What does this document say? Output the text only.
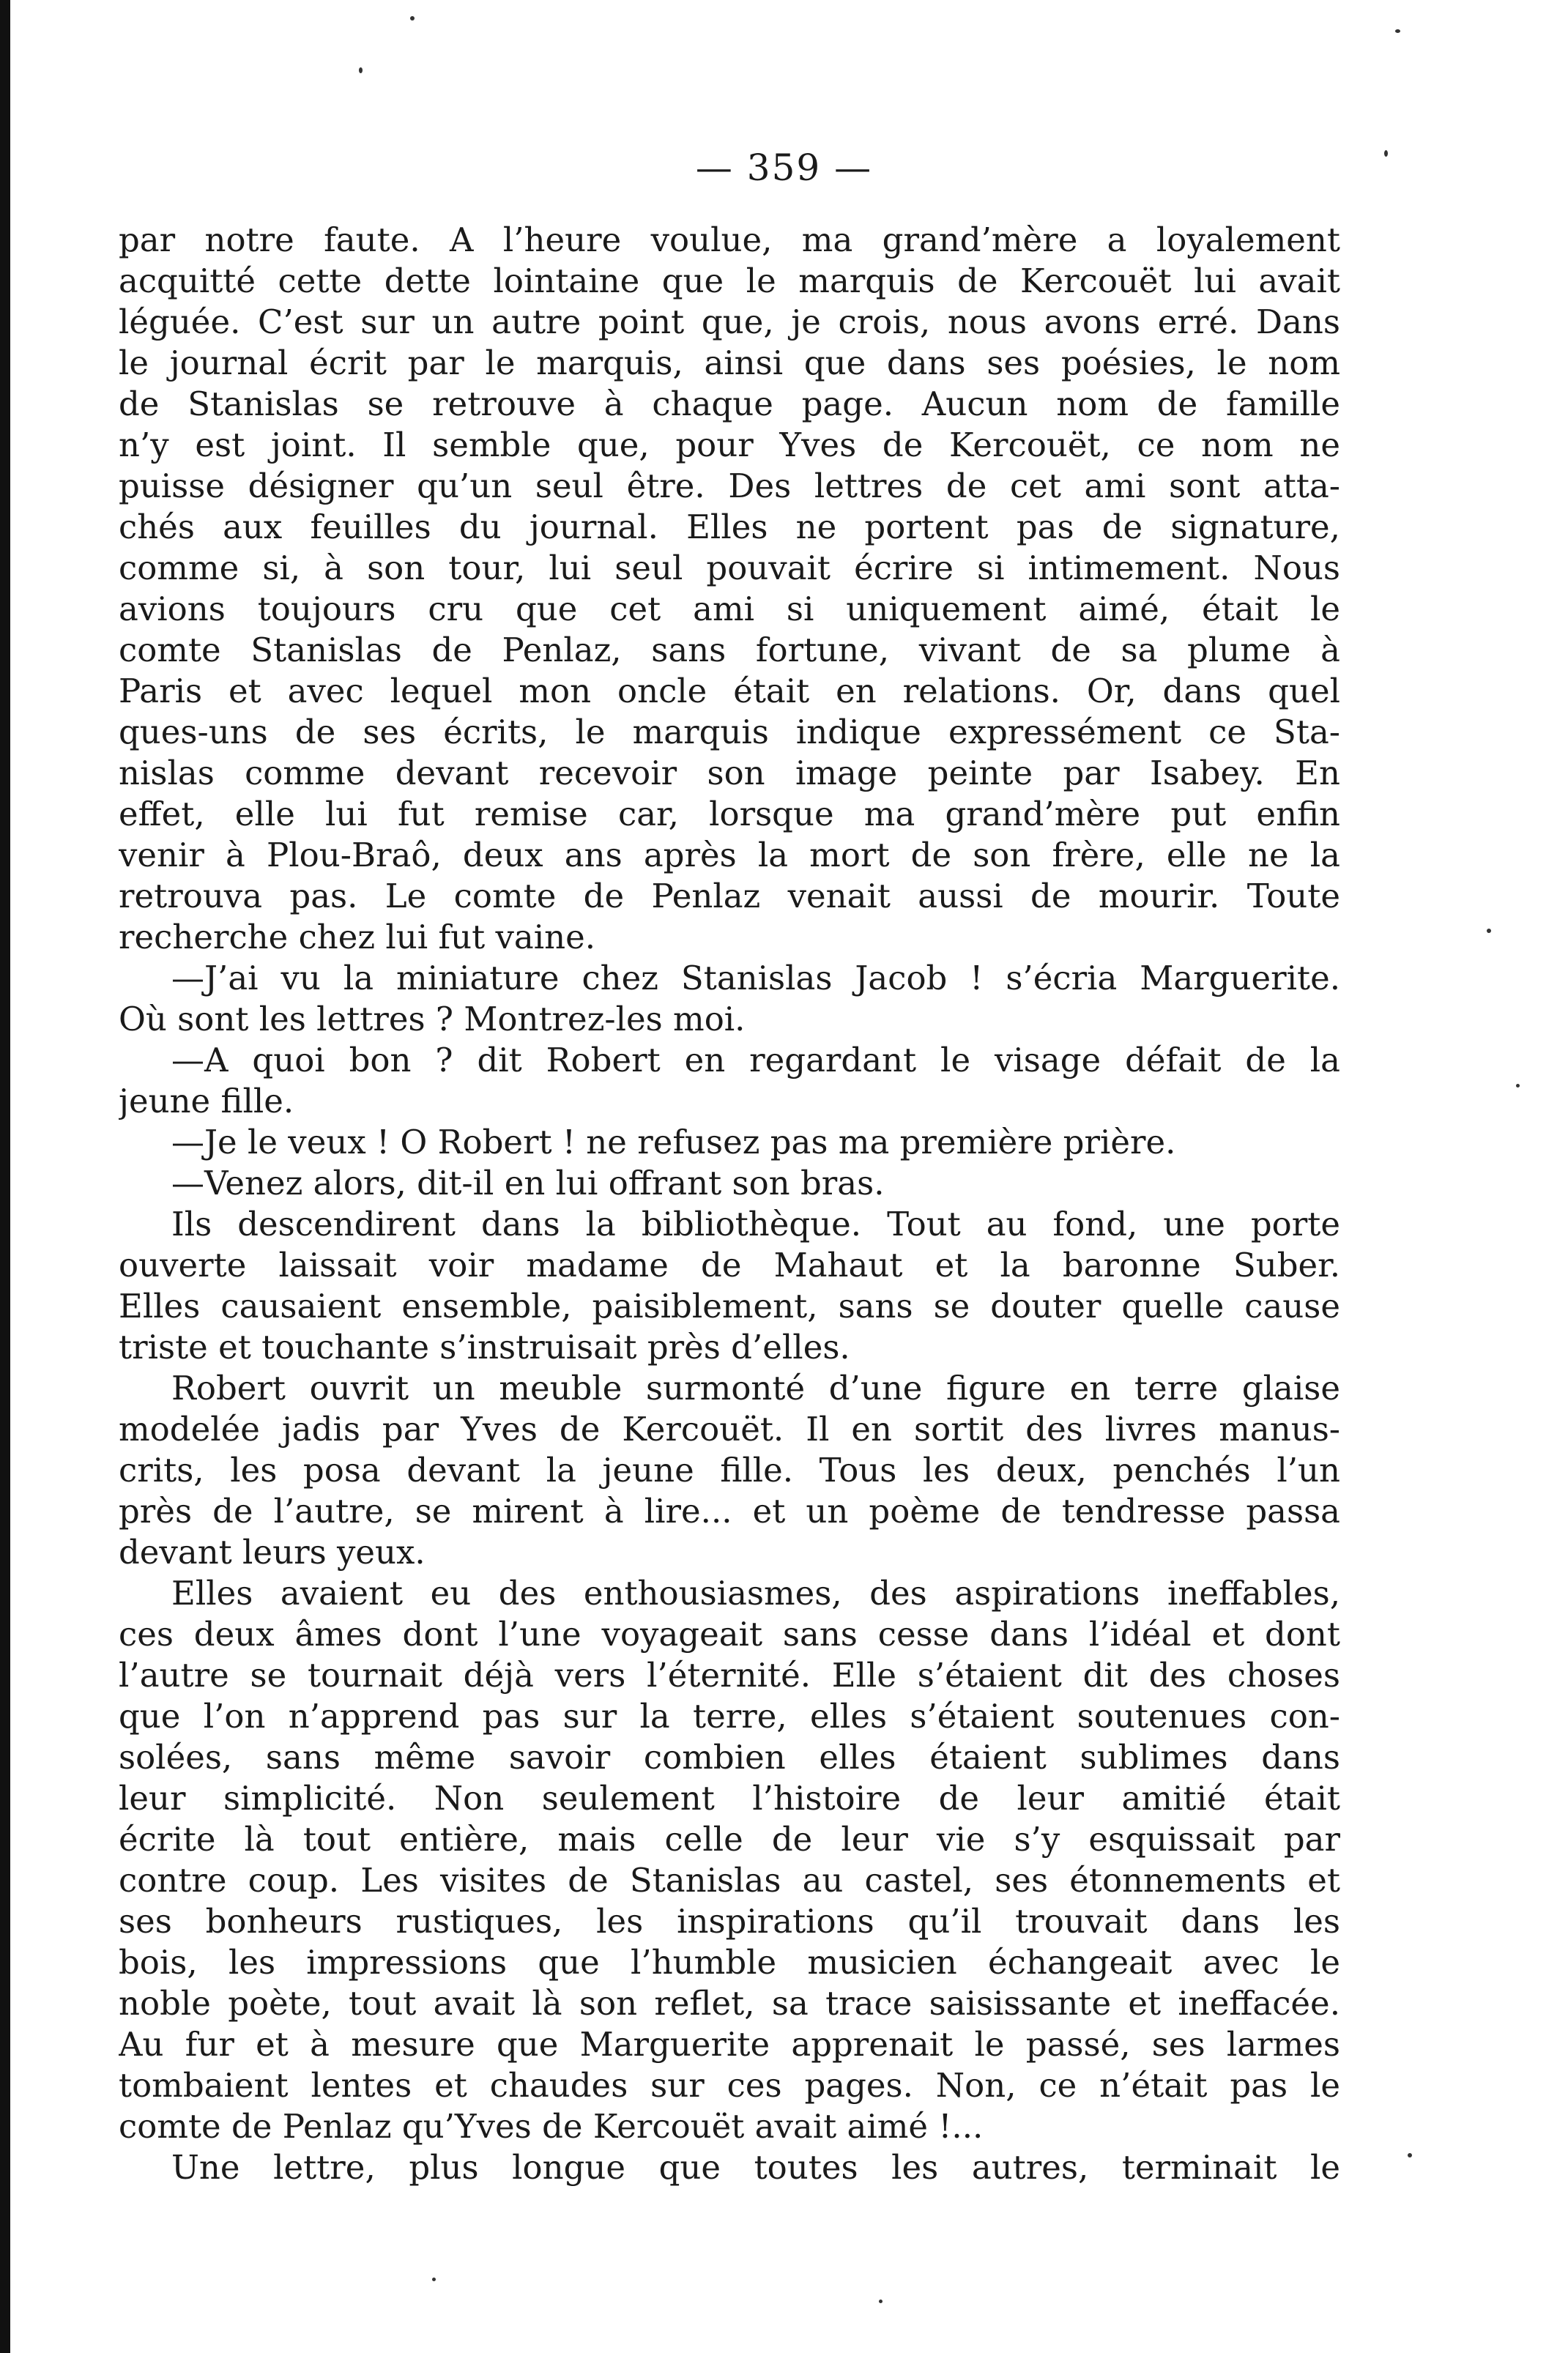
— 359 —
par notre faute. A l’heure voulue, ma grand’mère a loyalement
acquitté cette dette lointaine que le marquis de Kercouët lui avait
léguée. C’est sur un autre point que, je crois, nous avons erré. Dans
le journal écrit par le marquis, ainsi que dans ses poésies, le nom
de Stanislas se retrouve à chaque page. Aucun nom de famille
n’y est joint. Il semble que, pour Yves de Kercouët, ce nom ne
puisse désigner qu’un seul être. Des lettres de cet ami sont atta-
chés aux feuilles du journal. Elles ne portent pas de signature,
comme si, à son tour, lui seul pouvait écrire si intimement. Nous
avions toujours cru que cet ami si uniquement aimé, était le
comte Stanislas de Penlaz, sans fortune, vivant de sa plume à
Paris et avec lequel mon oncle était en relations. Or, dans quel
ques-uns de ses écrits, le marquis indique expressément ce Sta-
nislas comme devant recevoir son image peinte par Isabey. En
effet, elle lui fut remise car, lorsque ma grand’mère put enfin
venir à Plou-Braô, deux ans après la mort de son frère, elle ne la
retrouva pas. Le comte de Penlaz venait aussi de mourir. Toute
recherche chez lui fut vaine.
—J’ai vu la miniature chez Stanislas Jacob ! s’écria Marguerite.
Où sont les lettres ? Montrez-les moi.
—A quoi bon ? dit Robert en regardant le visage défait de la
jeune fille.
—Je le veux ! O Robert ! ne refusez pas ma première prière.
—Venez alors, dit-il en lui offrant son bras.
Ils descendirent dans la bibliothèque. Tout au fond, une porte
ouverte laissait voir madame de Mahaut et la baronne Suber.
Elles causaient ensemble, paisiblement, sans se douter quelle cause
triste et touchante s’instruisait près d’elles.
Robert ouvrit un meuble surmonté d’une figure en terre glaise
modelée jadis par Yves de Kercouët. Il en sortit des livres manus-
crits, les posa devant la jeune fille. Tous les deux, penchés l’un
près de l’autre, se mirent à lire... et un poème de tendresse passa
devant leurs yeux.
Elles avaient eu des enthousiasmes, des aspirations ineffables,
ces deux âmes dont l’une voyageait sans cesse dans l’idéal et dont
l’autre se tournait déjà vers l’éternité. Elle s’étaient dit des choses
que l’on n’apprend pas sur la terre, elles s’étaient soutenues con-
solées, sans même savoir combien elles étaient sublimes dans
leur simplicité. Non seulement l’histoire de leur amitié était
écrite là tout entière, mais celle de leur vie s’y esquissait par
contre coup. Les visites de Stanislas au castel, ses étonnements et
ses bonheurs rustiques, les inspirations qu’il trouvait dans les
bois, les impressions que l’humble musicien échangeait avec le
noble poète, tout avait là son reflet, sa trace saisissante et ineffacée.
Au fur et à mesure que Marguerite apprenait le passé, ses larmes
tombaient lentes et chaudes sur ces pages. Non, ce n’était pas le
comte de Penlaz qu’Yves de Kercouët avait aimé !...
Une lettre, plus longue que toutes les autres, terminait le
